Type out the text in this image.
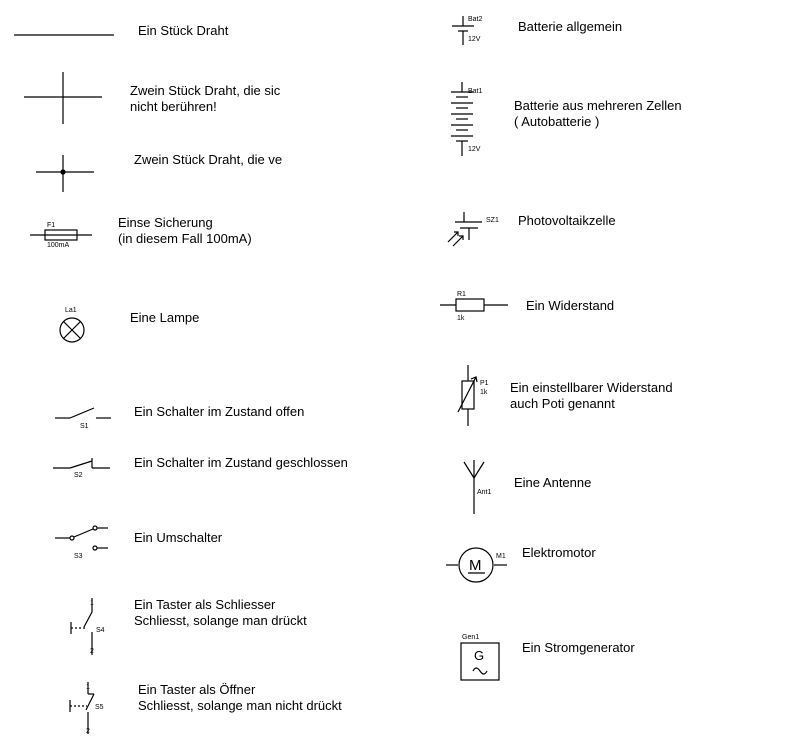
F1
100mA
La1
S1
S2
S3
1
2
S4
1
2
S5
Bat2
12V
Bat1
12V
SZ1
R1
1k
P1
1k
Ant1
M1
M
Gen1
G
Ein Stück Draht
Zwein Stück Draht, die sic
nicht berühren!
Zwein Stück Draht, die ve
Einse Sicherung
(in diesem Fall 100mA)
Eine Lampe
Ein Schalter im Zustand offen
Ein Schalter im Zustand geschlossen
Ein Umschalter
Ein Taster als Schliesser
Schliesst, solange man drückt
Ein Taster als Öffner
Schliesst, solange man nicht drückt
Batterie allgemein
Batterie aus mehreren Zellen
( Autobatterie )
Photovoltaikzelle
Ein Widerstand
Ein einstellbarer Widerstand
auch Poti genannt
Eine Antenne
Elektromotor
Ein Stromgenerator
